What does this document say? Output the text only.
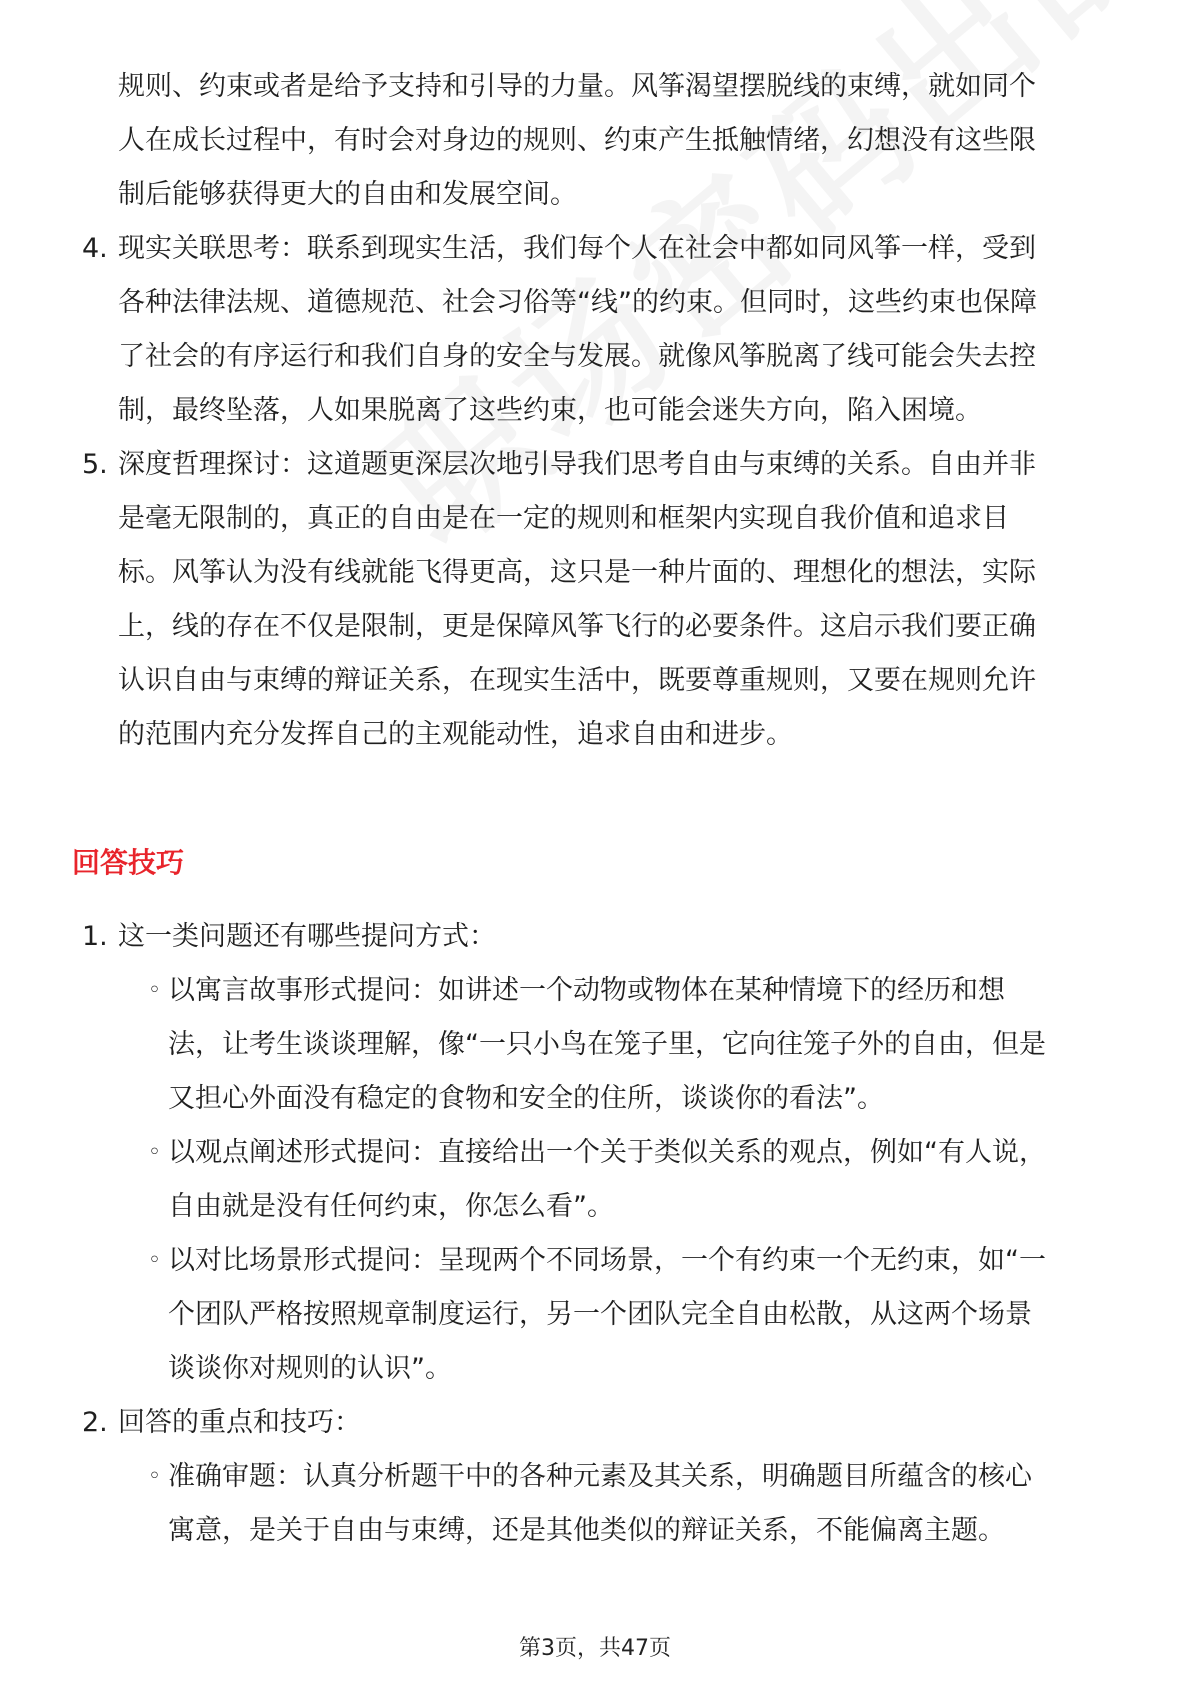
规则、约束或者是给予支持和引导的力量。风筝渴望摆脱线的束缚，就如同个
人在成长过程中，有时会对身边的规则、约束产生抵触情绪，幻想没有这些限
制后能够获得更大的自由和发展空间。
4. 现实关联思考：联系到现实生活，我们每个人在社会中都如同风筝一样，受到
各种法律法规、道德规范、社会习俗等“线”的约束。但同时，这些约束也保障
了社会的有序运行和我们自身的安全与发展。就像风筝脱离了线可能会失去控
制，最终坠落，人如果脱离了这些约束，也可能会迷失方向，陷入困境。
5. 深度哲理探讨：这道题更深层次地引导我们思考自由与束缚的关系。自由并非
是毫无限制的，真正的自由是在一定的规则和框架内实现自我价值和追求目
标。风筝认为没有线就能飞得更高，这只是一种片面的、理想化的想法，实际
上，线的存在不仅是限制，更是保障风筝飞行的必要条件。这启示我们要正确
认识自由与束缚的辩证关系，在现实生活中，既要尊重规则，又要在规则允许
的范围内充分发挥自己的主观能动性，追求自由和进步。
回答技巧
1. 这一类问题还有哪些提问方式：
◦ 以寓言故事形式提问：如讲述一个动物或物体在某种情境下的经历和想
法，让考生谈谈理解，像“一只小鸟在笼子里，它向往笼子外的自由，但是
又担心外面没有稳定的食物和安全的住所，谈谈你的看法”。
◦ 以观点阐述形式提问：直接给出一个关于类似关系的观点，例如“有人说，
自由就是没有任何约束，你怎么看”。
◦ 以对比场景形式提问：呈现两个不同场景，一个有约束一个无约束，如“一
个团队严格按照规章制度运行，另一个团队完全自由松散，从这两个场景
谈谈你对规则的认识”。
2. 回答的重点和技巧：
◦ 准确审题：认真分析题干中的各种元素及其关系，明确题目所蕴含的核心
寓意，是关于自由与束缚，还是其他类似的辩证关系，不能偏离主题。
第3页，共47页
